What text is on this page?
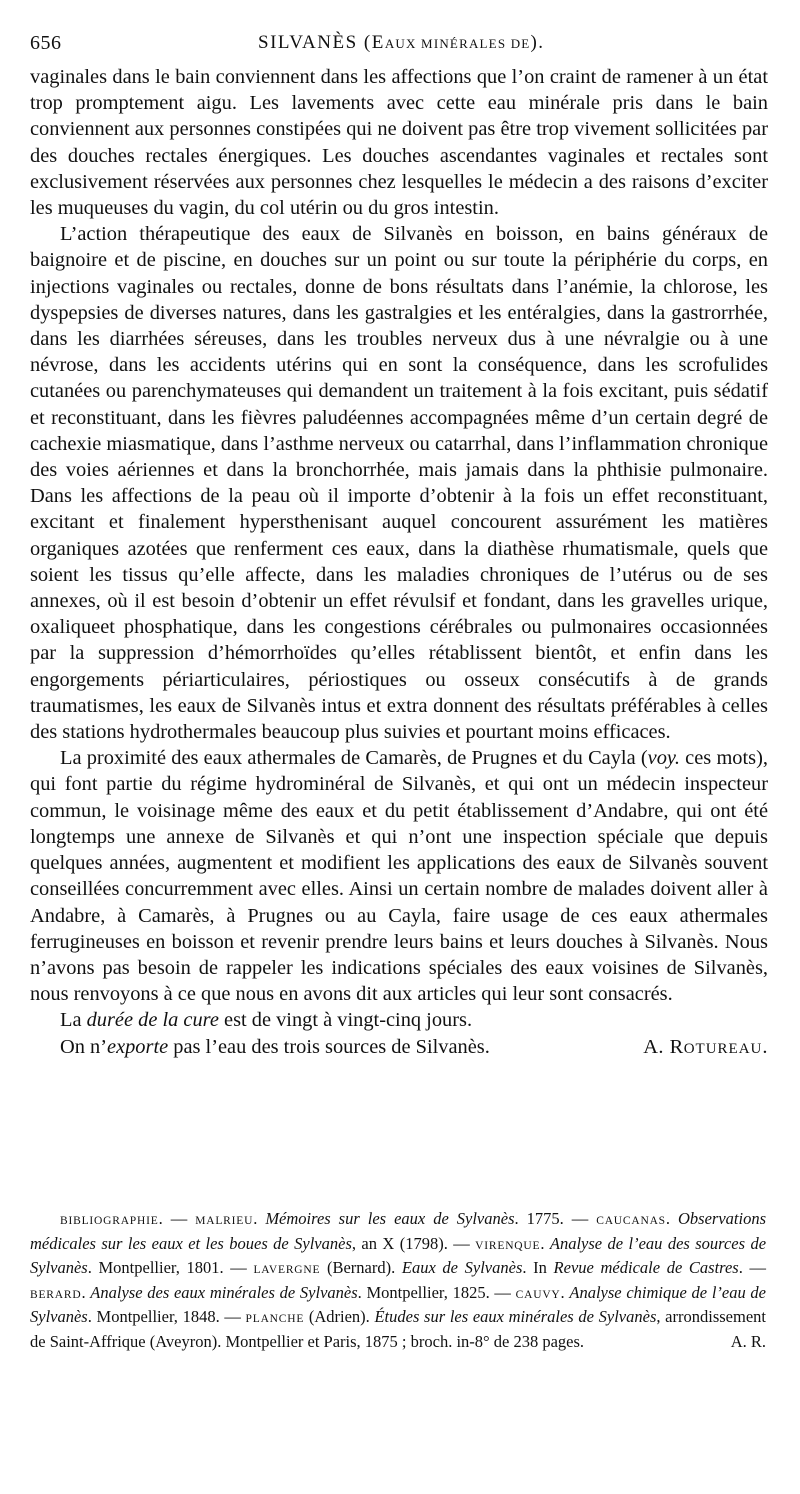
656	SILVANÈS (EAUX MINÉRALES DE).

vaginales dans le bain conviennent dans les affections que l’on craint de ramener à un état trop promptement aigu. Les lavements avec cette eau minérale pris dans le bain conviennent aux personnes constipées qui ne doivent pas être trop vivement sollicitées par des douches rectales énergiques. Les douches ascendantes vaginales et rectales sont exclusivement réservées aux personnes chez lesquelles le médecin a des raisons d’exciter les muqueuses du vagin, du col utérin ou du gros intestin.

L’action thérapeutique des eaux de Silvanès en boisson, en bains généraux de baignoire et de piscine, en douches sur un point ou sur toute la périphérie du corps, en injections vaginales ou rectales, donne de bons résultats dans l’anémie, la chlorose, les dyspepsies de diverses natures, dans les gastralgies et les entéralgies, dans la gastrorrhée, dans les diarrhées séreuses, dans les troubles nerveux dus à une névralgie ou à une névrose, dans les accidents utérins qui en sont la conséquence, dans les scrofulides cutanées ou parenchymateuses qui demandent un traitement à la fois excitant, puis sédatif et reconstituant, dans les fièvres paludéennes accompagnées même d’un certain degré de cachexie miasmatique, dans l’asthme nerveux ou catarrhal, dans l’inflammation chronique des voies aériennes et dans la bronchorrhée, mais jamais dans la phthisie pulmonaire. Dans les affections de la peau où il importe d’obtenir à la fois un effet reconstituant, excitant et finalement hypersthenisant auquel concourent assurément les matières organiques azotées que renferment ces eaux, dans la diathèse rhumatismale, quels que soient les tissus qu’elle affecte, dans les maladies chroniques de l’utérus ou de ses annexes, où il est besoin d’obtenir un effet révulsif et fondant, dans les gravelles urique, oxaliqueet phosphatique, dans les congestions cérébrales ou pulmonaires occasionnées par la suppression d’hémorrhoïdes qu’elles rétablissent bientôt, et enfin dans les engorgements périarticulaires, périostiques ou osseux consécutifs à de grands traumatismes, les eaux de Silvanès intus et extra donnent des résultats préférables à celles des stations hydrothermales beaucoup plus suivies et pourtant moins efficaces.

La proximité des eaux athermales de Camarès, de Prugnes et du Cayla (voy. ces mots), qui font partie du régime hydrominéral de Silvanès, et qui ont un médecin inspecteur commun, le voisinage même des eaux et du petit établissement d’Andabre, qui ont été longtemps une annexe de Silvanès et qui n’ont une inspection spéciale que depuis quelques années, augmentent et modifient les applications des eaux de Silvanès souvent conseillées concurremment avec elles. Ainsi un certain nombre de malades doivent aller à Andabre, à Camarès, à Prugnes ou au Cayla, faire usage de ces eaux athermales ferrugineuses en boisson et revenir prendre leurs bains et leurs douches à Silvanès. Nous n’avons pas besoin de rappeler les indications spéciales des eaux voisines de Silvanès, nous renvoyons à ce que nous en avons dit aux articles qui leur sont consacrés.

La durée de la cure est de vingt à vingt-cinq jours.

On n’exporte pas l’eau des trois sources de Silvanès.	A. ROTUREAU.

BIBLIOGRAPHIE. — MALRIEU. Mémoires sur les eaux de Sylvanès. 1775. — CAUCANAS. Observations médicales sur les eaux et les boues de Sylvanès, an X (1798). — VIRENQUE. Analyse de l’eau des sources de Sylvanès. Montpellier, 1801. — LAVERGNE (Bernard). Eaux de Sylvanès. In Revue médicale de Castres. — BERARD. Analyse des eaux minérales de Sylvanès. Montpellier, 1825. — CAUVY. Analyse chimique de l’eau de Sylvanès. Montpellier, 1848. — PLANCHE (Adrien). Études sur les eaux minérales de Sylvanès, arrondissement de Saint-Affrique (Aveyron). Montpellier et Paris, 1875 ; broch. in-8° de 238 pages.	A. R.
